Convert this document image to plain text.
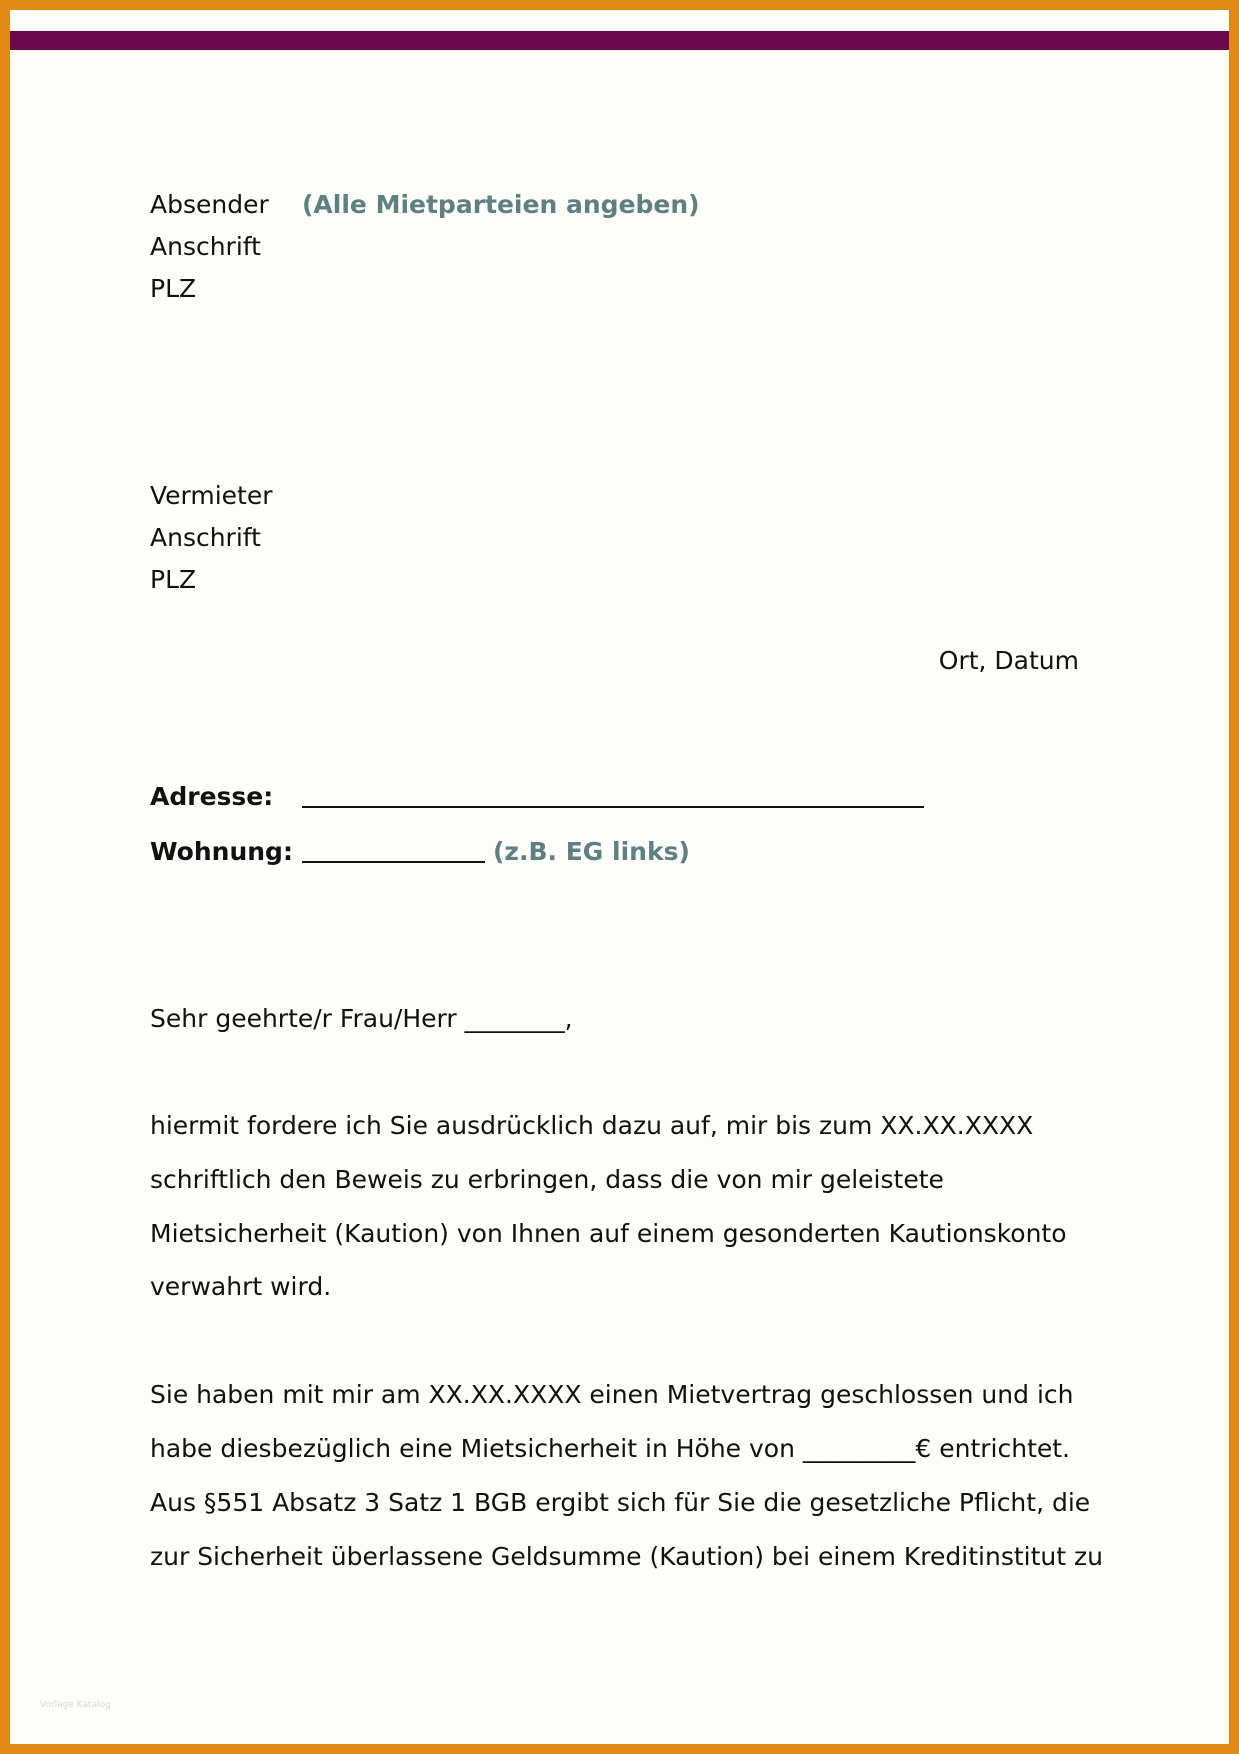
Absender (Alle Mietparteien angeben)
Anschrift
PLZ
Vermieter
Anschrift
PLZ
Ort, Datum
Adresse:
Wohnung:	(z.B. EG links)
Sehr geehrte/r Frau/Herr ________,
hiermit fordere ich Sie ausdrücklich dazu auf, mir bis zum XX.XX.XXXX
schriftlich den Beweis zu erbringen, dass die von mir geleistete
Mietsicherheit (Kaution) von Ihnen auf einem gesonderten Kautionskonto
verwahrt wird.
Sie haben mit mir am XX.XX.XXXX einen Mietvertrag geschlossen und ich
habe diesbezüglich eine Mietsicherheit in Höhe von _________€ entrichtet.
Aus §551 Absatz 3 Satz 1 BGB ergibt sich für Sie die gesetzliche Pflicht, die
zur Sicherheit überlassene Geldsumme (Kaution) bei einem Kreditinstitut zu
Vorlage Katalog
